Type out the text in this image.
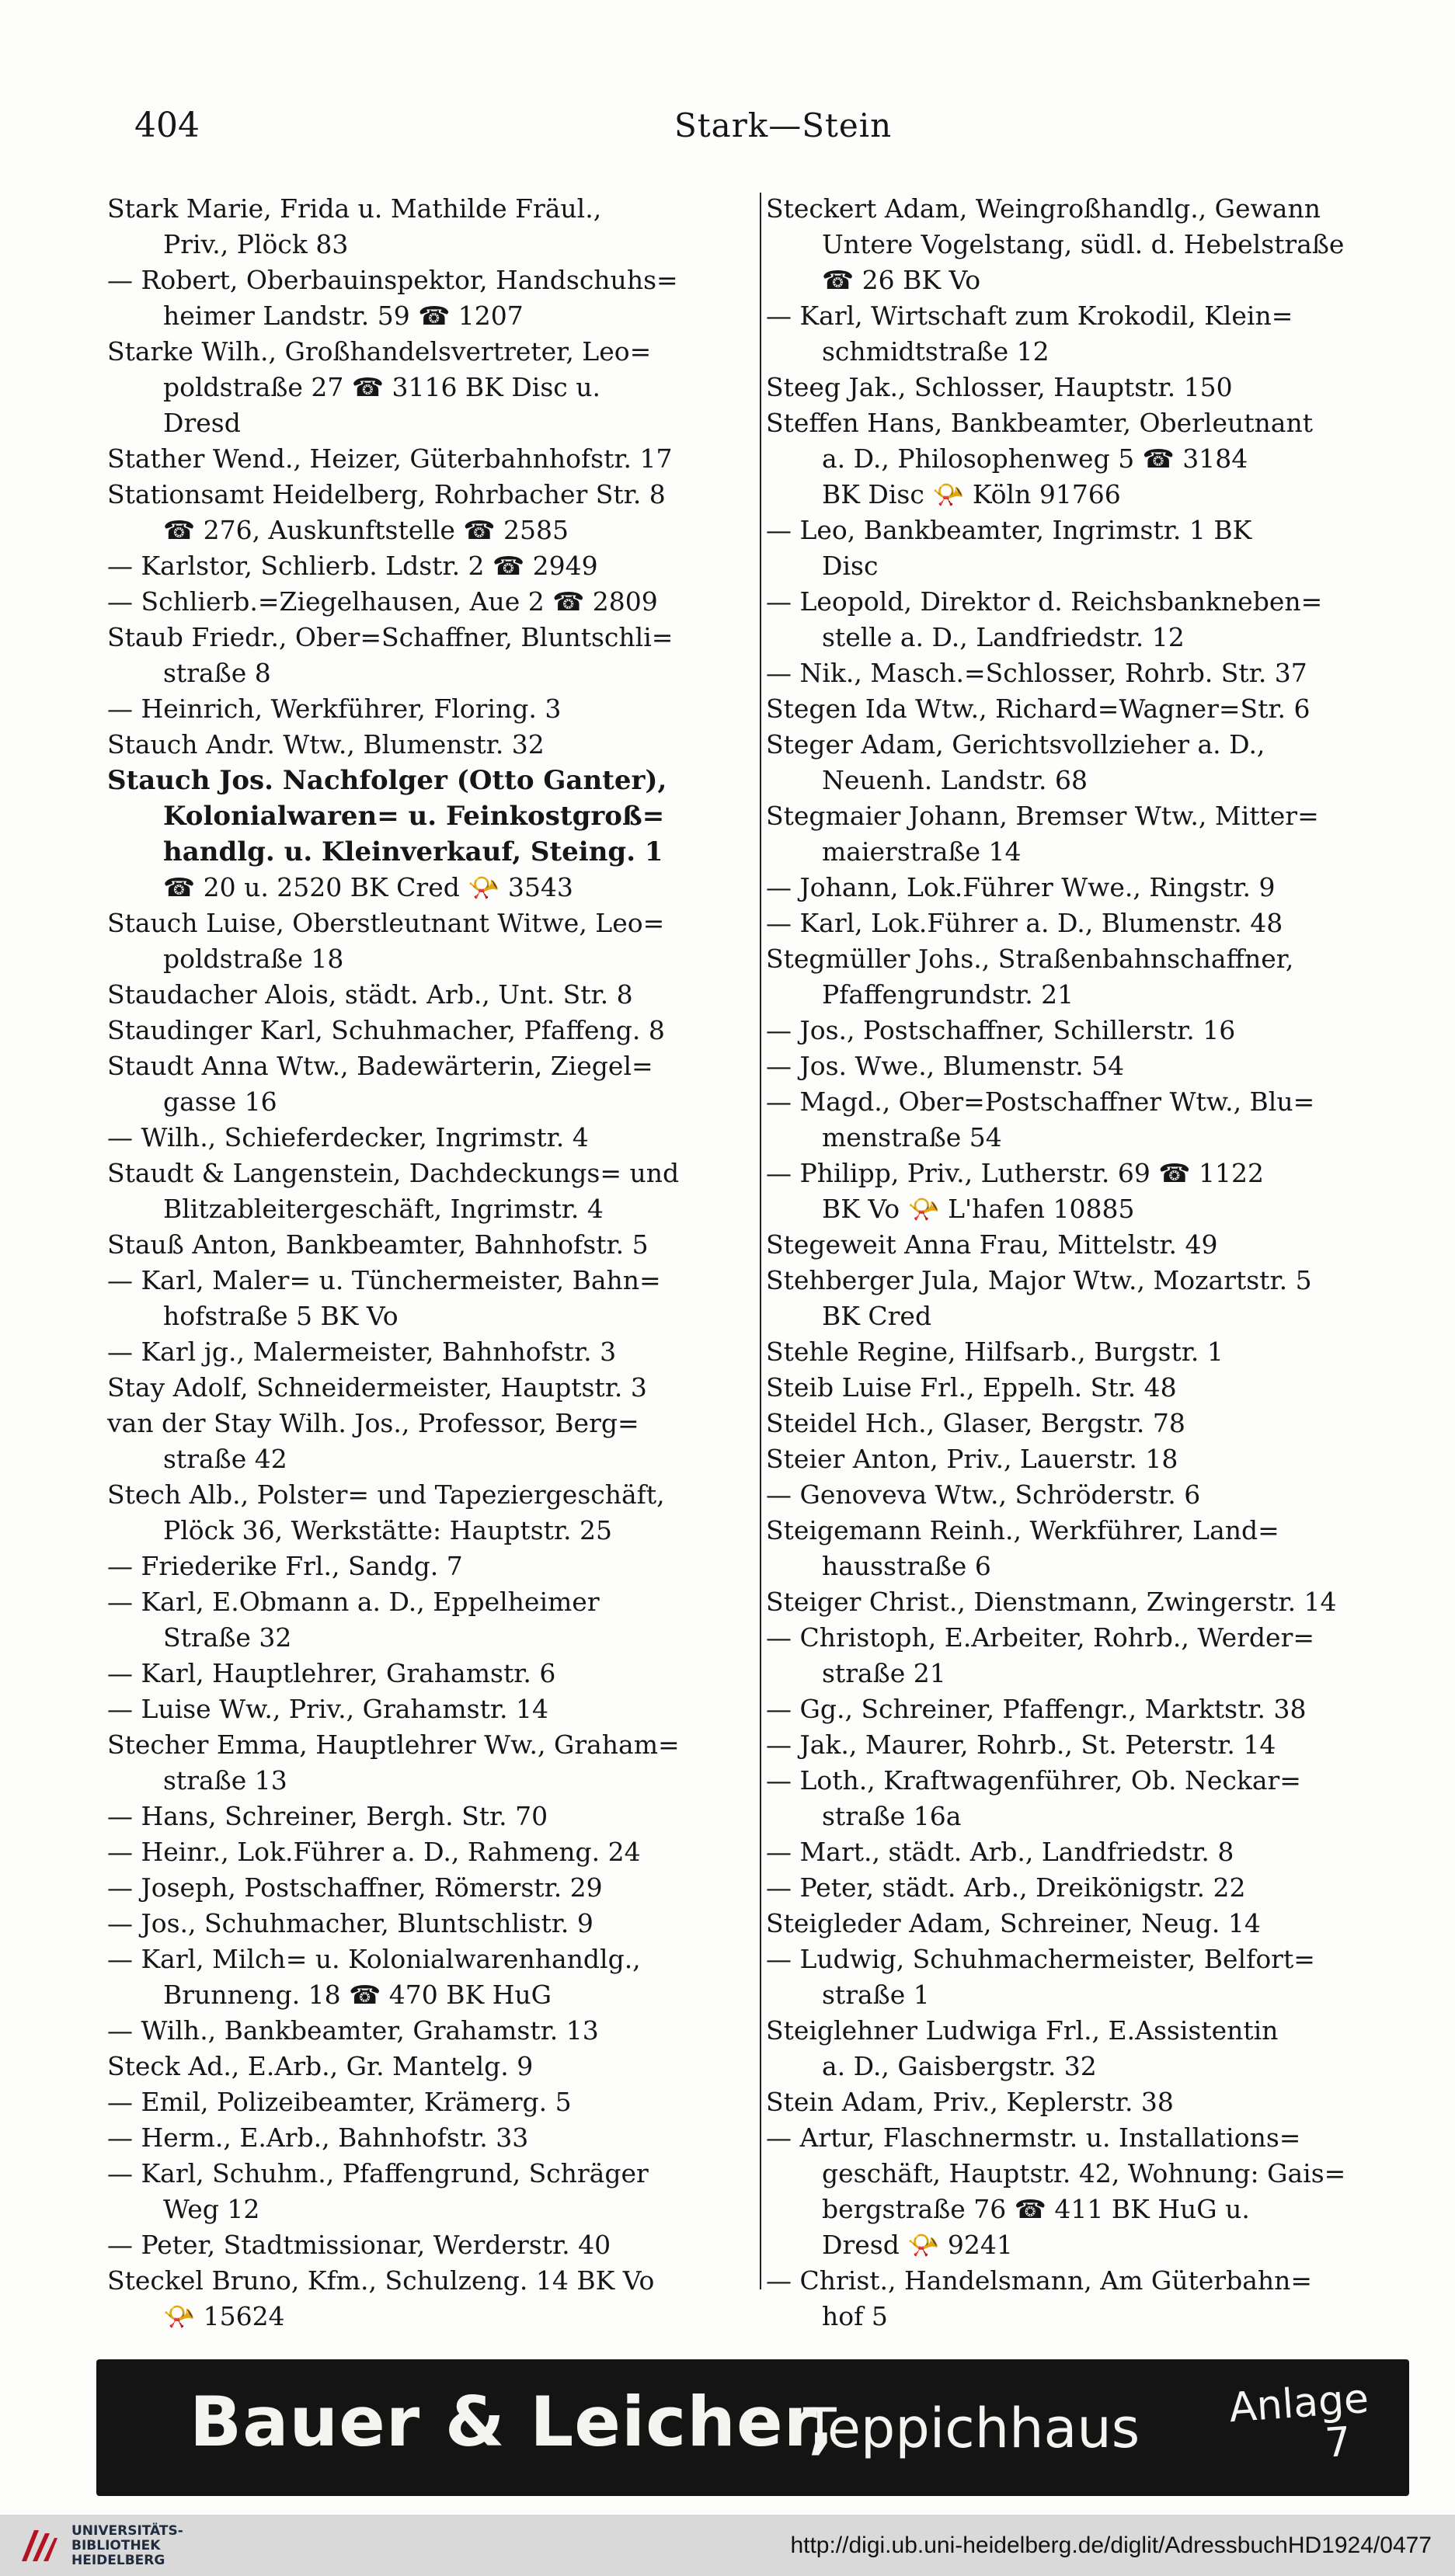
404	Stark—Stein
Stark Marie, Frida u. Mathilde Fräul.,
Priv., Plöck 83
— Robert, Oberbauinspektor, Handschuhs=
heimer Landstr. 59 ☎ 1207
Starke Wilh., Großhandelsvertreter, Leo=
poldstraße 27 ☎ 3116 BK Disc u.
Dresd
Stather Wend., Heizer, Güterbahnhofstr. 17
Stationsamt Heidelberg, Rohrbacher Str. 8
☎ 276, Auskunftstelle ☎ 2585
— Karlstor, Schlierb. Ldstr. 2 ☎ 2949
— Schlierb.=Ziegelhausen, Aue 2 ☎ 2809
Staub Friedr., Ober=Schaffner, Bluntschli=
straße 8
— Heinrich, Werkführer, Floring. 3
Stauch Andr. Wtw., Blumenstr. 32
Stauch Jos. Nachfolger (Otto Ganter),
Kolonialwaren= u. Feinkostgroß=
handlg. u. Kleinverkauf, Steing. 1
☎ 20 u. 2520 BK Cred 📯 3543
Stauch Luise, Oberstleutnant Witwe, Leo=
poldstraße 18
Staudacher Alois, städt. Arb., Unt. Str. 8
Staudinger Karl, Schuhmacher, Pfaffeng. 8
Staudt Anna Wtw., Badewärterin, Ziegel=
gasse 16
— Wilh., Schieferdecker, Ingrimstr. 4
Staudt & Langenstein, Dachdeckungs= und
Blitzableitergeschäft, Ingrimstr. 4
Stauß Anton, Bankbeamter, Bahnhofstr. 5
— Karl, Maler= u. Tünchermeister, Bahn=
hofstraße 5 BK Vo
— Karl jg., Malermeister, Bahnhofstr. 3
Stay Adolf, Schneidermeister, Hauptstr. 3
van der Stay Wilh. Jos., Professor, Berg=
straße 42
Stech Alb., Polster= und Tapeziergeschäft,
Plöck 36, Werkstätte: Hauptstr. 25
— Friederike Frl., Sandg. 7
— Karl, E.Obmann a. D., Eppelheimer
Straße 32
— Karl, Hauptlehrer, Grahamstr. 6
— Luise Ww., Priv., Grahamstr. 14
Stecher Emma, Hauptlehrer Ww., Graham=
straße 13
— Hans, Schreiner, Bergh. Str. 70
— Heinr., Lok.Führer a. D., Rahmeng. 24
— Joseph, Postschaffner, Römerstr. 29
— Jos., Schuhmacher, Bluntschlistr. 9
— Karl, Milch= u. Kolonialwarenhandlg.,
Brunneng. 18 ☎ 470 BK HuG
— Wilh., Bankbeamter, Grahamstr. 13
Steck Ad., E.Arb., Gr. Mantelg. 9
— Emil, Polizeibeamter, Krämerg. 5
— Herm., E.Arb., Bahnhofstr. 33
— Karl, Schuhm., Pfaffengrund, Schräger
Weg 12
— Peter, Stadtmissionar, Werderstr. 40
Steckel Bruno, Kfm., Schulzeng. 14 BK Vo
📯 15624
Steckert Adam, Weingroßhandlg., Gewann
Untere Vogelstang, südl. d. Hebelstraße
☎ 26 BK Vo
— Karl, Wirtschaft zum Krokodil, Klein=
schmidtstraße 12
Steeg Jak., Schlosser, Hauptstr. 150
Steffen Hans, Bankbeamter, Oberleutnant
a. D., Philosophenweg 5 ☎ 3184
BK Disc 📯 Köln 91766
— Leo, Bankbeamter, Ingrimstr. 1 BK
Disc
— Leopold, Direktor d. Reichsbankneben=
stelle a. D., Landfriedstr. 12
— Nik., Masch.=Schlosser, Rohrb. Str. 37
Stegen Ida Wtw., Richard=Wagner=Str. 6
Steger Adam, Gerichtsvollzieher a. D.,
Neuenh. Landstr. 68
Stegmaier Johann, Bremser Wtw., Mitter=
maierstraße 14
— Johann, Lok.Führer Wwe., Ringstr. 9
— Karl, Lok.Führer a. D., Blumenstr. 48
Stegmüller Johs., Straßenbahnschaffner,
Pfaffengrundstr. 21
— Jos., Postschaffner, Schillerstr. 16
— Jos. Wwe., Blumenstr. 54
— Magd., Ober=Postschaffner Wtw., Blu=
menstraße 54
— Philipp, Priv., Lutherstr. 69 ☎ 1122
BK Vo 📯 L'hafen 10885
Stegeweit Anna Frau, Mittelstr. 49
Stehberger Jula, Major Wtw., Mozartstr. 5
BK Cred
Stehle Regine, Hilfsarb., Burgstr. 1
Steib Luise Frl., Eppelh. Str. 48
Steidel Hch., Glaser, Bergstr. 78
Steier Anton, Priv., Lauerstr. 18
— Genoveva Wtw., Schröderstr. 6
Steigemann Reinh., Werkführer, Land=
hausstraße 6
Steiger Christ., Dienstmann, Zwingerstr. 14
— Christoph, E.Arbeiter, Rohrb., Werder=
straße 21
— Gg., Schreiner, Pfaffengr., Marktstr. 38
— Jak., Maurer, Rohrb., St. Peterstr. 14
— Loth., Kraftwagenführer, Ob. Neckar=
straße 16a
— Mart., städt. Arb., Landfriedstr. 8
— Peter, städt. Arb., Dreikönigstr. 22
Steigleder Adam, Schreiner, Neug. 14
— Ludwig, Schuhmachermeister, Belfort=
straße 1
Steiglehner Ludwiga Frl., E.Assistentin
a. D., Gaisbergstr. 32
Stein Adam, Priv., Keplerstr. 38
— Artur, Flaschnermstr. u. Installations=
geschäft, Hauptstr. 42, Wohnung: Gais=
bergstraße 76 ☎ 411 BK HuG u.
Dresd 📯 9241
— Christ., Handelsmann, Am Güterbahn=
hof 5
Bauer & Leicher,
Teppichhaus Anlage
7
UNIVERSITÄTS-
BIBLIOTHEK
HEIDELBERG
http://digi.ub.uni-heidelberg.de/diglit/AdressbuchHD1924/0477
